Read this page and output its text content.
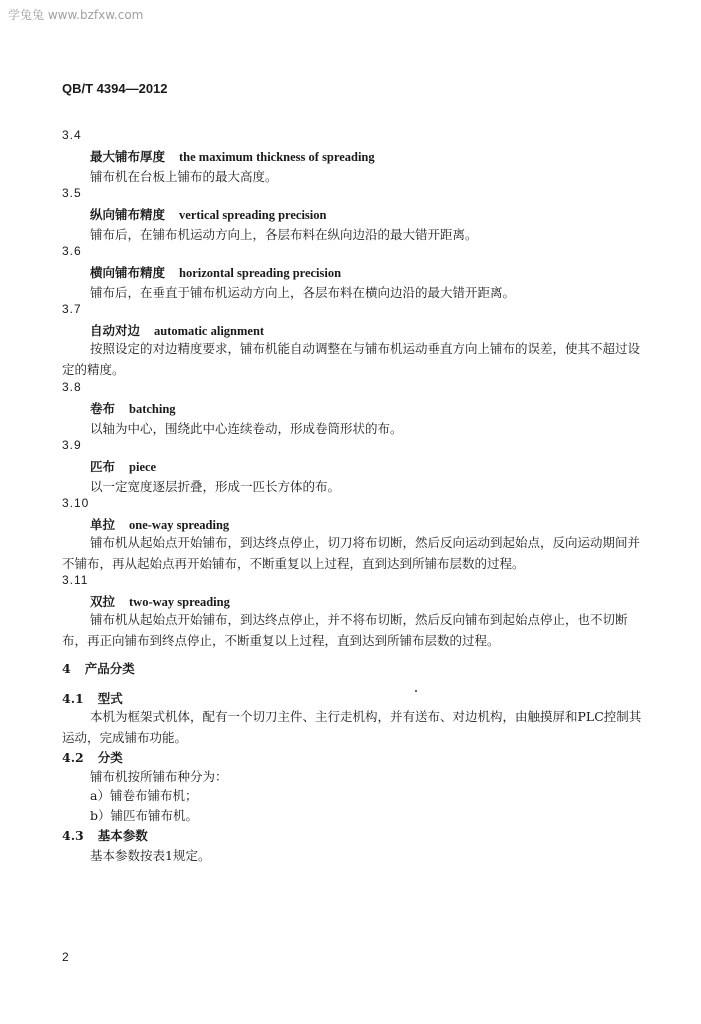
学兔兔 www.bzfxw.com
QB/T 4394—2012
3.4
最大铺布厚度 the maximum thickness of spreading
铺布机在台板上铺布的最大高度。
3.5
纵向铺布精度 vertical spreading precision
铺布后，在铺布机运动方向上，各层布料在纵向边沿的最大错开距离。
3.6
横向铺布精度 horizontal spreading precision
铺布后，在垂直于铺布机运动方向上，各层布料在横向边沿的最大错开距离。
3.7
自动对边 automatic alignment
按照设定的对边精度要求，铺布机能自动调整在与铺布机运动垂直方向上铺布的误差，使其不超过设定的精度。
3.8
卷布 batching
以轴为中心，围绕此中心连续卷动，形成卷筒形状的布。
3.9
匹布 piece
以一定宽度逐层折叠，形成一匹长方体的布。
3.10
单拉 one-way spreading
铺布机从起始点开始铺布，到达终点停止，切刀将布切断，然后反向运动到起始点，反向运动期间并不铺布，再从起始点再开始铺布，不断重复以上过程，直到达到所铺布层数的过程。
3.11
双拉 two-way spreading
铺布机从起始点开始铺布，到达终点停止，并不将布切断，然后反向铺布到起始点停止，也不切断布，再正向铺布到终点停止，不断重复以上过程，直到达到所铺布层数的过程。
4 产品分类
4.1 型式
本机为框架式机体，配有一个切刀主件、主行走机构，并有送布、对边机构，由触摸屏和PLC控制其运动，完成铺布功能。
4.2 分类
铺布机按所铺布种分为：
a）铺卷布铺布机；
b）铺匹布铺布机。
4.3 基本参数
基本参数按表1规定。
2
